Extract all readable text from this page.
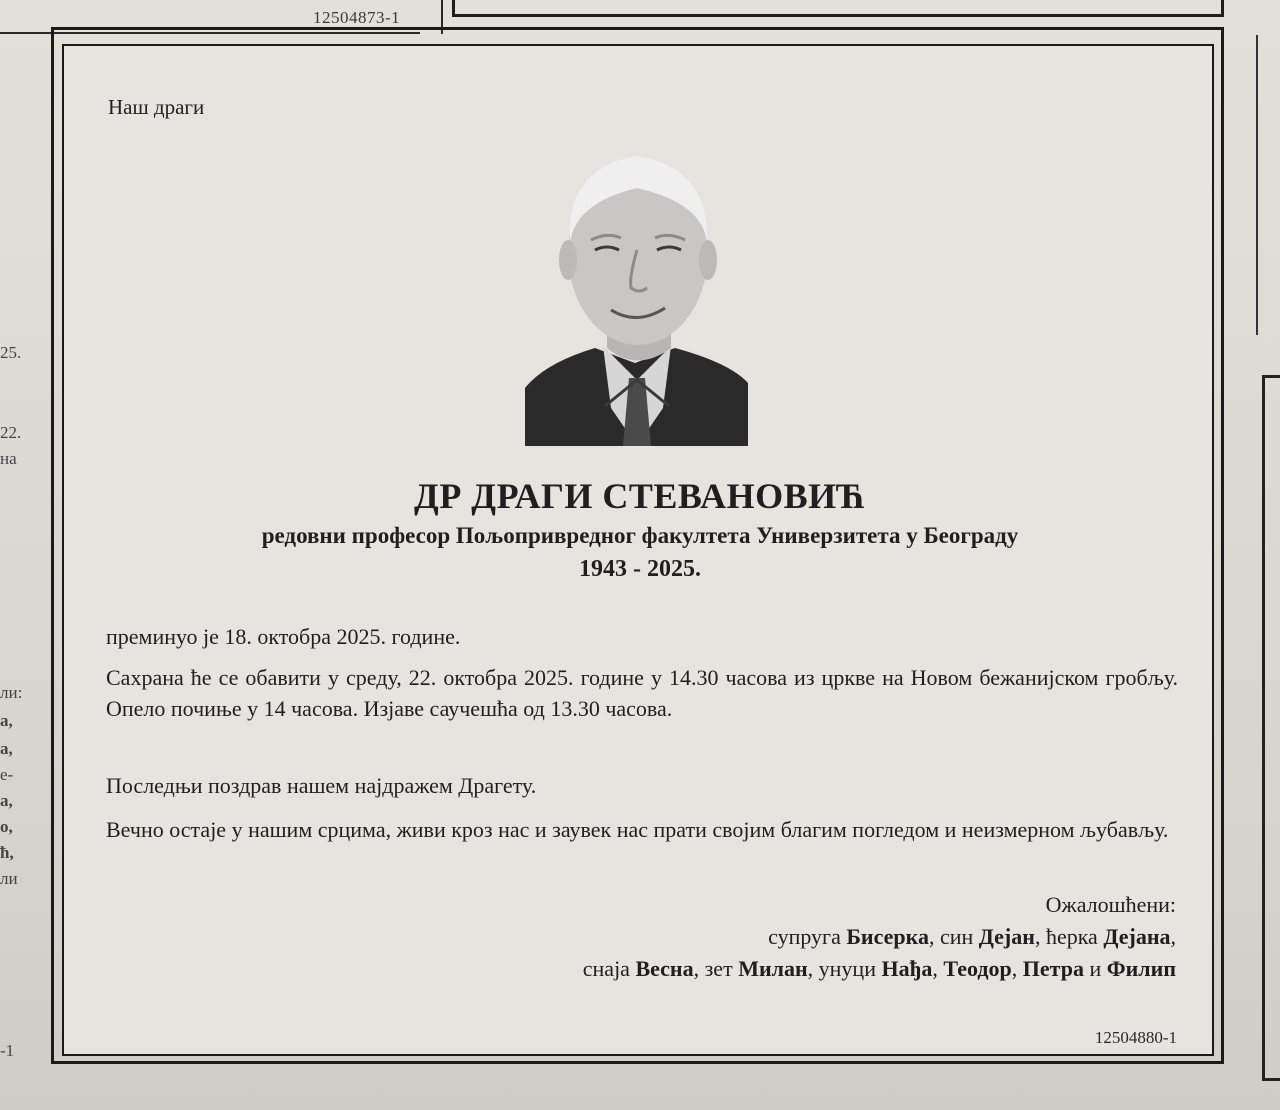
12504873-1
25.
22.
на
ли:
а,
а,
е-
а,
о,
ћ,
ли
-1
Наш драги
ДР ДРАГИ СТЕВАНОВИЋ
редовни професор Пољопривредног факултета Универзитета у Београду
1943 - 2025.

преминуо је 18. октобра 2025. године.

Сахрана ће се обавити у среду, 22. октобра 2025. године у 14.30 часова из цркве на Новом бежанијском гробљу. Опело почиње у 14 часова. Изјаве саучешћа од 13.30 часова.

Последњи поздрав нашем најдражем Драгету.

Вечно остаје у нашим срцима, живи кроз нас и заувек нас прати својим благим погледом и неизмерном љубављу.

Ожалошћени:
супруга Бисерка, син Дејан, ћерка Дејана,
снаја Весна, зет Милан, унуци Нађа, Теодор, Петра и Филип
12504880-1
